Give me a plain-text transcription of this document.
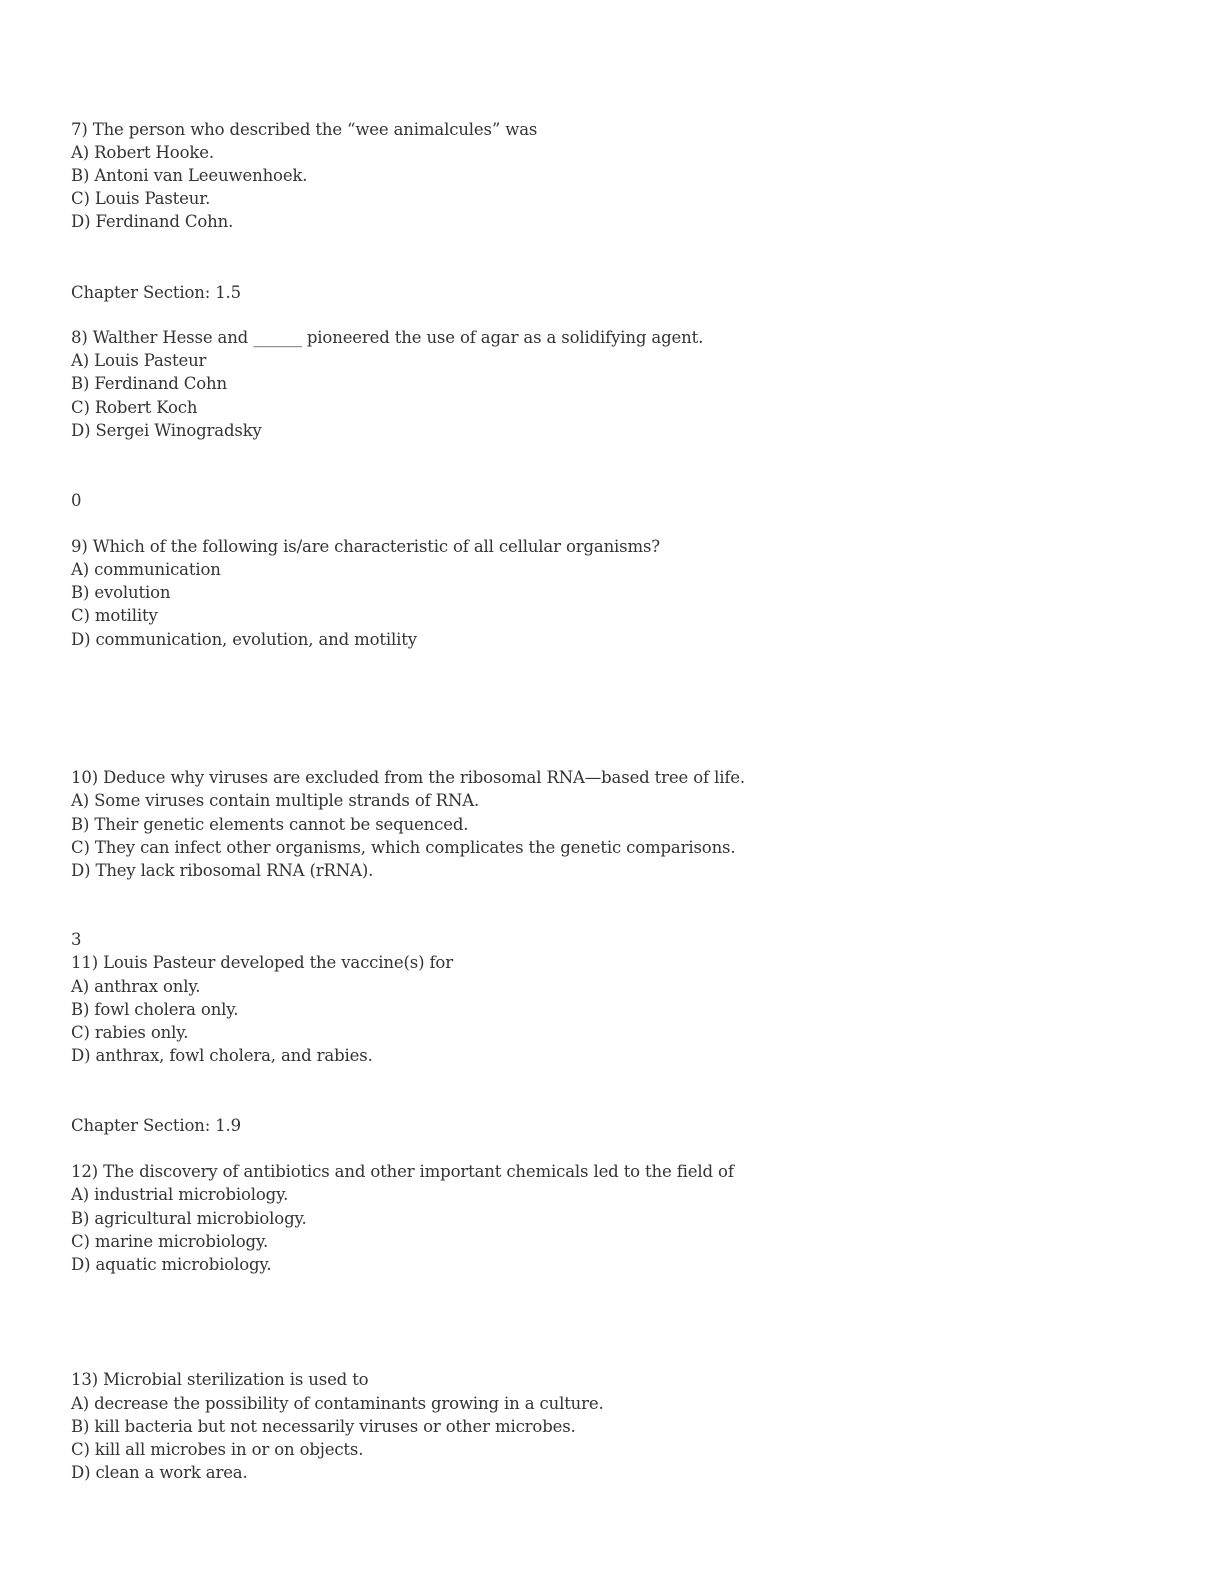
7) The person who described the “wee animalcules” was
A) Robert Hooke.
B) Antoni van Leeuwenhoek.
C) Louis Pasteur.
D) Ferdinand Cohn.
Chapter Section: 1.5
8) Walther Hesse and ______ pioneered the use of agar as a solidifying agent.
A) Louis Pasteur
B) Ferdinand Cohn
C) Robert Koch
D) Sergei Winogradsky
0
9) Which of the following is/are characteristic of all cellular organisms?
A) communication
B) evolution
C) motility
D) communication, evolution, and motility
10) Deduce why viruses are excluded from the ribosomal RNA—based tree of life.
A) Some viruses contain multiple strands of RNA.
B) Their genetic elements cannot be sequenced.
C) They can infect other organisms, which complicates the genetic comparisons.
D) They lack ribosomal RNA (rRNA).
3
11) Louis Pasteur developed the vaccine(s) for
A) anthrax only.
B) fowl cholera only.
C) rabies only.
D) anthrax, fowl cholera, and rabies.
Chapter Section: 1.9
12) The discovery of antibiotics and other important chemicals led to the field of
A) industrial microbiology.
B) agricultural microbiology.
C) marine microbiology.
D) aquatic microbiology.
13) Microbial sterilization is used to
A) decrease the possibility of contaminants growing in a culture.
B) kill bacteria but not necessarily viruses or other microbes.
C) kill all microbes in or on objects.
D) clean a work area.
